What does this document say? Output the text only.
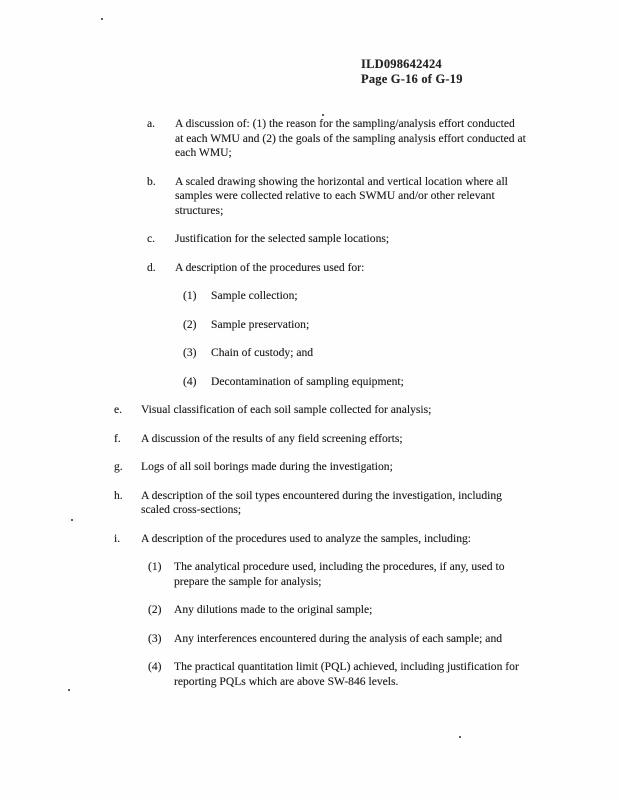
ILD098642424
Page G-16 of G-19
a.	A discussion of: (1) the reason for the sampling/analysis effort conducted
at each WMU and (2) the goals of the sampling analysis effort conducted at
each WMU;
b.	A scaled drawing showing the horizontal and vertical location where all
samples were collected relative to each SWMU and/or other relevant
structures;
c.	Justification for the selected sample locations;
d.	A description of the procedures used for:
(1)	Sample collection;
(2)	Sample preservation;
(3)	Chain of custody; and
(4)	Decontamination of sampling equipment;
e.	Visual classification of each soil sample collected for analysis;
f.	A discussion of the results of any field screening efforts;
g.	Logs of all soil borings made during the investigation;
h.	A description of the soil types encountered during the investigation, including
scaled cross-sections;
i.	A description of the procedures used to analyze the samples, including:
(1)	The analytical procedure used, including the procedures, if any, used to
prepare the sample for analysis;
(2)	Any dilutions made to the original sample;
(3)	Any interferences encountered during the analysis of each sample; and
(4)	The practical quantitation limit (PQL) achieved, including justification for
reporting PQLs which are above SW-846 levels.
